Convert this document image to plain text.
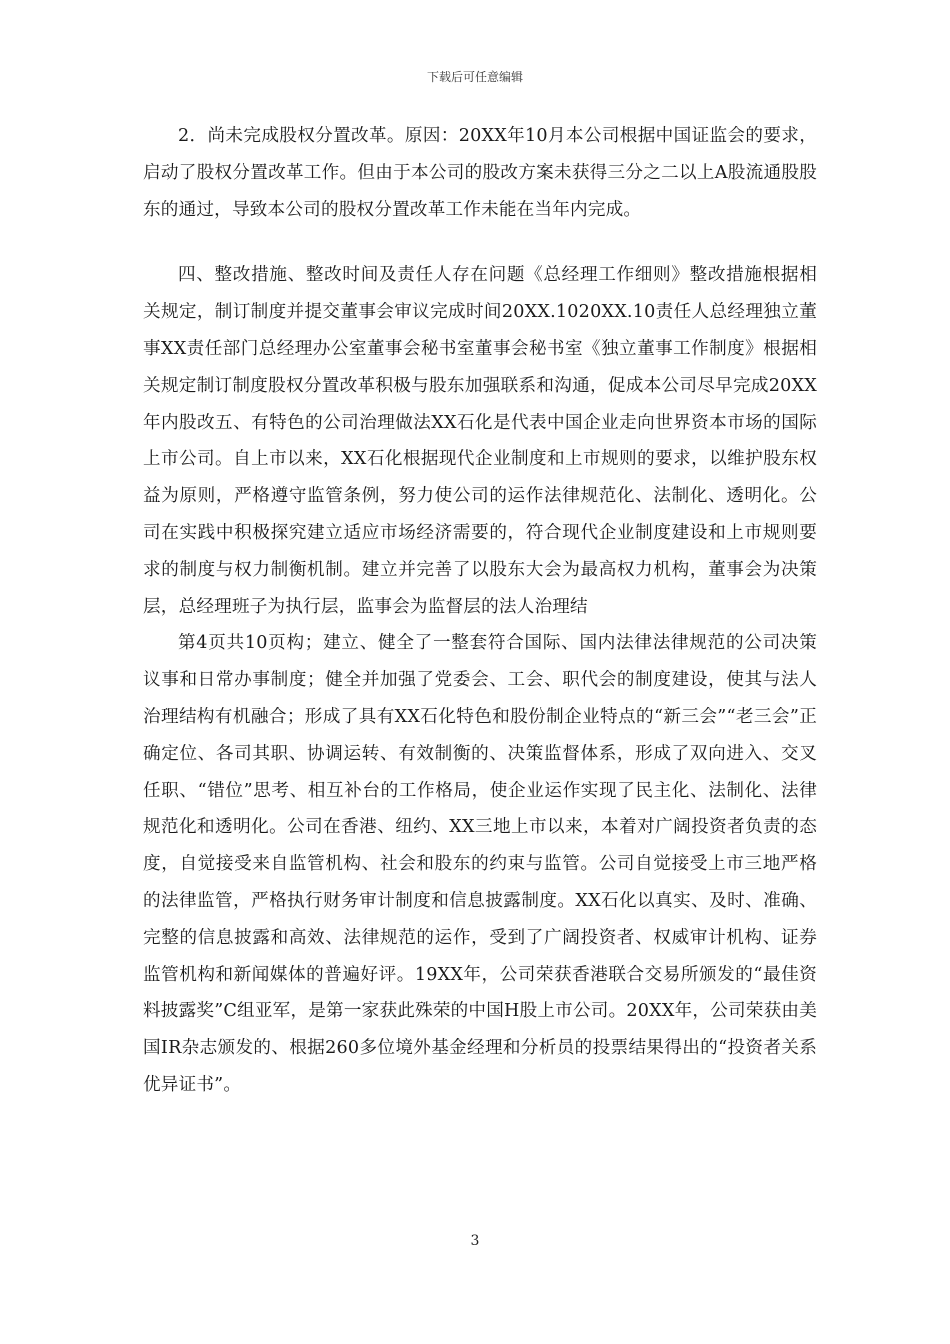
下载后可任意编辑

2．尚未完成股权分置改革。原因：20XX年10月本公司根据中国证监会的要求，启动了股权分置改革工作。但由于本公司的股改方案未获得三分之二以上A股流通股股东的通过，导致本公司的股权分置改革工作未能在当年内完成。

四、整改措施、整改时间及责任人存在问题《总经理工作细则》整改措施根据相关规定，制订制度并提交董事会审议完成时间20XX.1020XX.10责任人总经理独立董事XX责任部门总经理办公室董事会秘书室董事会秘书室《独立董事工作制度》根据相关规定制订制度股权分置改革积极与股东加强联系和沟通，促成本公司尽早完成20XX年内股改五、有特色的公司治理做法XX石化是代表中国企业走向世界资本市场的国际上市公司。自上市以来，XX石化根据现代企业制度和上市规则的要求，以维护股东权益为原则，严格遵守监管条例，努力使公司的运作法律规范化、法制化、透明化。公司在实践中积极探究建立适应市场经济需要的，符合现代企业制度建设和上市规则要求的制度与权力制衡机制。建立并完善了以股东大会为最高权力机构，董事会为决策层，总经理班子为执行层，监事会为监督层的法人治理结

第4页共10页构；建立、健全了一整套符合国际、国内法律法律规范的公司决策议事和日常办事制度；健全并加强了党委会、工会、职代会的制度建设，使其与法人治理结构有机融合；形成了具有XX石化特色和股份制企业特点的“新三会”“老三会”正确定位、各司其职、协调运转、有效制衡的、决策监督体系，形成了双向进入、交叉任职、“错位”思考、相互补台的工作格局，使企业运作实现了民主化、法制化、法律规范化和透明化。公司在香港、纽约、XX三地上市以来，本着对广阔投资者负责的态度，自觉接受来自监管机构、社会和股东的约束与监管。公司自觉接受上市三地严格的法律监管，严格执行财务审计制度和信息披露制度。XX石化以真实、及时、准确、完整的信息披露和高效、法律规范的运作，受到了广阔投资者、权威审计机构、证券监管机构和新闻媒体的普遍好评。19XX年，公司荣获香港联合交易所颁发的“最佳资料披露奖”C组亚军，是第一家获此殊荣的中国H股上市公司。20XX年，公司荣获由美国IR杂志颁发的、根据260多位境外基金经理和分析员的投票结果得出的“投资者关系优异证书”。

3
